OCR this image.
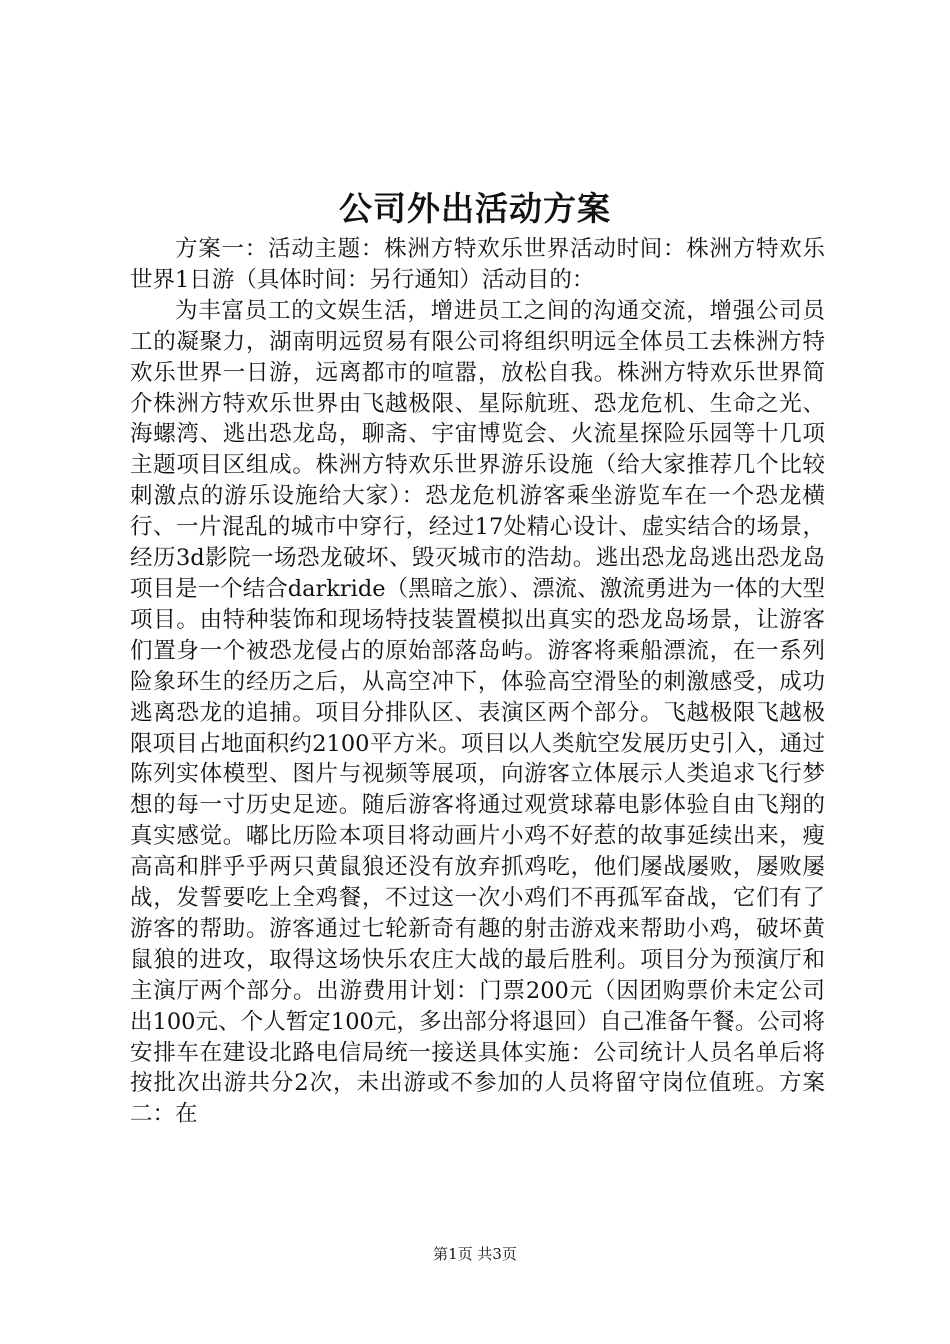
公司外出活动方案

方案一：活动主题：株洲方特欢乐世界活动时间：株洲方特欢乐世界1日游（具体时间：另行通知）活动目的：

为丰富员工的文娱生活，增进员工之间的沟通交流，增强公司员工的凝聚力，湖南明远贸易有限公司将组织明远全体员工去株洲方特欢乐世界一日游，远离都市的喧嚣，放松自我。株洲方特欢乐世界简介株洲方特欢乐世界由飞越极限、星际航班、恐龙危机、生命之光、海螺湾、逃出恐龙岛，聊斋、宇宙博览会、火流星探险乐园等十几项主题项目区组成。株洲方特欢乐世界游乐设施（给大家推荐几个比较刺激点的游乐设施给大家）：恐龙危机游客乘坐游览车在一个恐龙横行、一片混乱的城市中穿行，经过17处精心设计、虚实结合的场景，经历3d影院一场恐龙破坏、毁灭城市的浩劫。逃出恐龙岛逃出恐龙岛项目是一个结合darkride（黑暗之旅）、漂流、激流勇进为一体的大型项目。由特种装饰和现场特技装置模拟出真实的恐龙岛场景，让游客们置身一个被恐龙侵占的原始部落岛屿。游客将乘船漂流，在一系列险象环生的经历之后，从高空冲下，体验高空滑坠的刺激感受，成功逃离恐龙的追捕。项目分排队区、表演区两个部分。飞越极限飞越极限项目占地面积约2100平方米。项目以人类航空发展历史引入，通过陈列实体模型、图片与视频等展项，向游客立体展示人类追求飞行梦想的每一寸历史足迹。随后游客将通过观赏球幕电影体验自由飞翔的真实感觉。嘟比历险本项目将动画片小鸡不好惹的故事延续出来，瘦高高和胖乎乎两只黄鼠狼还没有放弃抓鸡吃，他们屡战屡败，屡败屡战，发誓要吃上全鸡餐，不过这一次小鸡们不再孤军奋战，它们有了游客的帮助。游客通过七轮新奇有趣的射击游戏来帮助小鸡，破坏黄鼠狼的进攻，取得这场快乐农庄大战的最后胜利。项目分为预演厅和主演厅两个部分。出游费用计划：门票200元（因团购票价未定公司出100元、个人暂定100元，多出部分将退回）自己准备午餐。公司将安排车在建设北路电信局统一接送具体实施：公司统计人员名单后将按批次出游共分2次，未出游或不参加的人员将留守岗位值班。方案二：在

第1页 共3页
